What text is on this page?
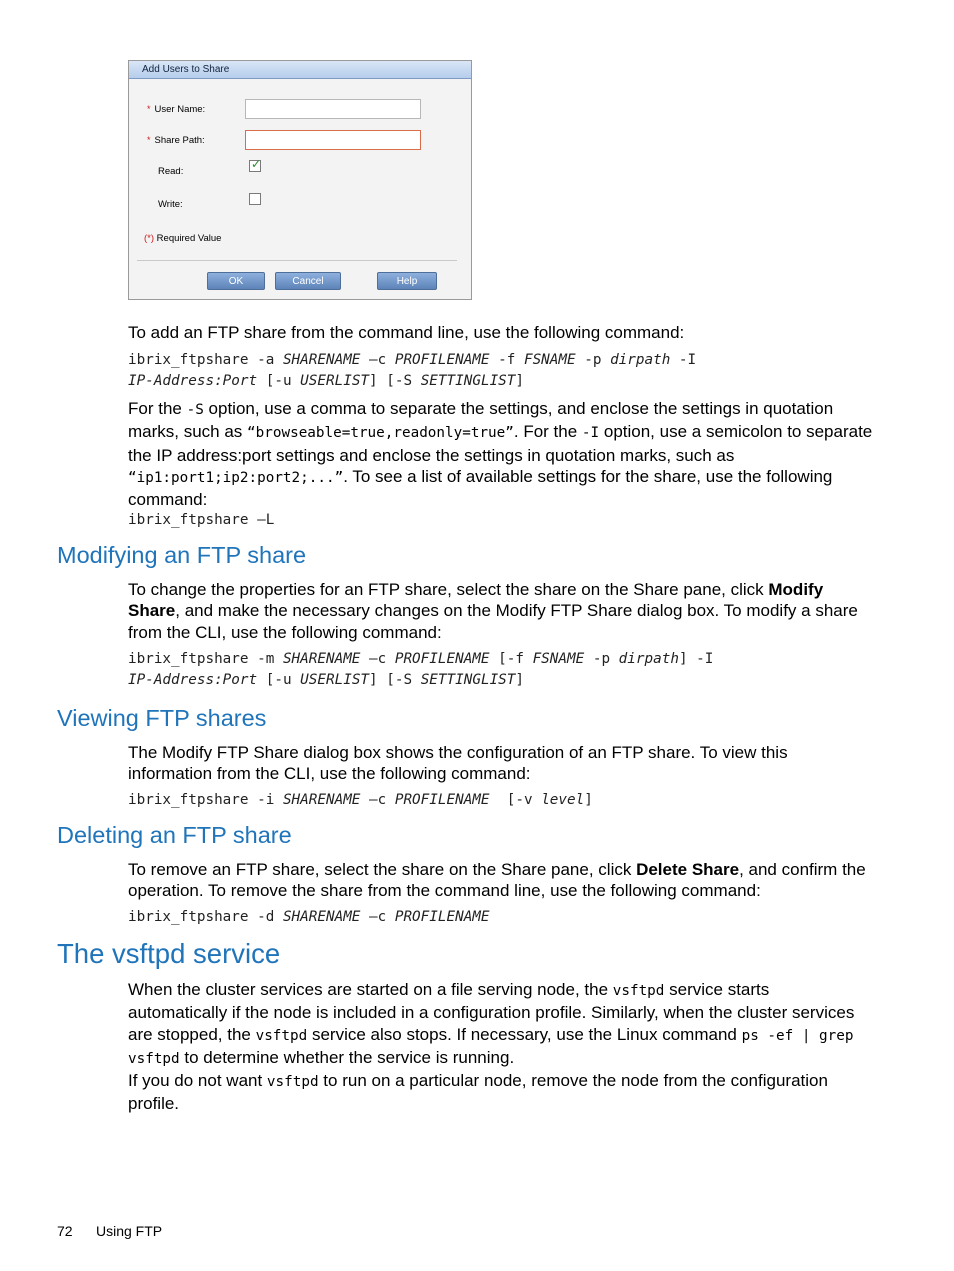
Add Users to Share
* User Name:
* Share Path:
Read:
✓
Write:
(*) Required Value
OK	Cancel	Help
To add an FTP share from the command line, use the following command:
ibrix_ftpshare -a SHARENAME –c PROFILENAME -f FSNAME -p dirpath -I
IP-Address:Port [-u USERLIST] [-S SETTINGLIST]
For the -S option, use a comma to separate the settings, and enclose the settings in quotation marks, such as “browseable=true,readonly=true”. For the -I option, use a semicolon to separate the IP address:port settings and enclose the settings in quotation marks, such as “ip1:port1;ip2:port2;...”. To see a list of available settings for the share, use the following command:
ibrix_ftpshare –L
Modifying an FTP share
To change the properties for an FTP share, select the share on the Share pane, click Modify Share, and make the necessary changes on the Modify FTP Share dialog box. To modify a share from the CLI, use the following command:
ibrix_ftpshare -m SHARENAME –c PROFILENAME [-f FSNAME -p dirpath] -I
IP-Address:Port [-u USERLIST] [-S SETTINGLIST]
Viewing FTP shares
The Modify FTP Share dialog box shows the configuration of an FTP share. To view this information from the CLI, use the following command:
ibrix_ftpshare -i SHARENAME –c PROFILENAME  [-v level]
Deleting an FTP share
To remove an FTP share, select the share on the Share pane, click Delete Share, and confirm the operation. To remove the share from the command line, use the following command:
ibrix_ftpshare -d SHARENAME –c PROFILENAME
The vsftpd service
When the cluster services are started on a file serving node, the vsftpd service starts automatically if the node is included in a configuration profile. Similarly, when the cluster services are stopped, the vsftpd service also stops. If necessary, use the Linux command ps -ef | grep vsftpd to determine whether the service is running.
If you do not want vsftpd to run on a particular node, remove the node from the configuration profile.
72 Using FTP
